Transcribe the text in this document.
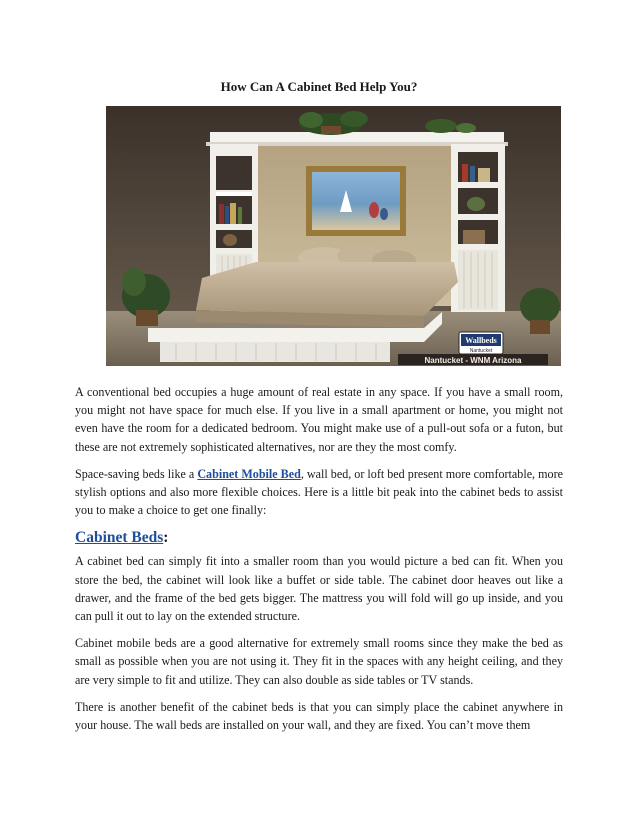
How Can A Cabinet Bed Help You?
Wallbeds
Nantucket
Nantucket - WNM Arizona

A conventional bed occupies a huge amount of real estate in any space. If you have a small room, you might not have space for much else. If you live in a small apartment or home, you might not even have the room for a dedicated bedroom. You might make use of a pull-out sofa or a futon, but these are not extremely sophisticated alternatives, nor are they the most comfy.

Space-saving beds like a Cabinet Mobile Bed, wall bed, or loft bed present more comfortable, more stylish options and also more flexible choices. Here is a little bit peak into the cabinet beds to assist you to make a choice to get one finally:

Cabinet Beds:

A cabinet bed can simply fit into a smaller room than you would picture a bed can fit. When you store the bed, the cabinet will look like a buffet or side table. The cabinet door heaves out like a drawer, and the frame of the bed gets bigger. The mattress you will fold will go up inside, and you can pull it out to lay on the extended structure.

Cabinet mobile beds are a good alternative for extremely small rooms since they make the bed as small as possible when you are not using it. They fit in the spaces with any height ceiling, and they are very simple to fit and utilize. They can also double as side tables or TV stands.

There is another benefit of the cabinet beds is that you can simply place the cabinet anywhere in your house. The wall beds are installed on your wall, and they are fixed. You can’t move them
